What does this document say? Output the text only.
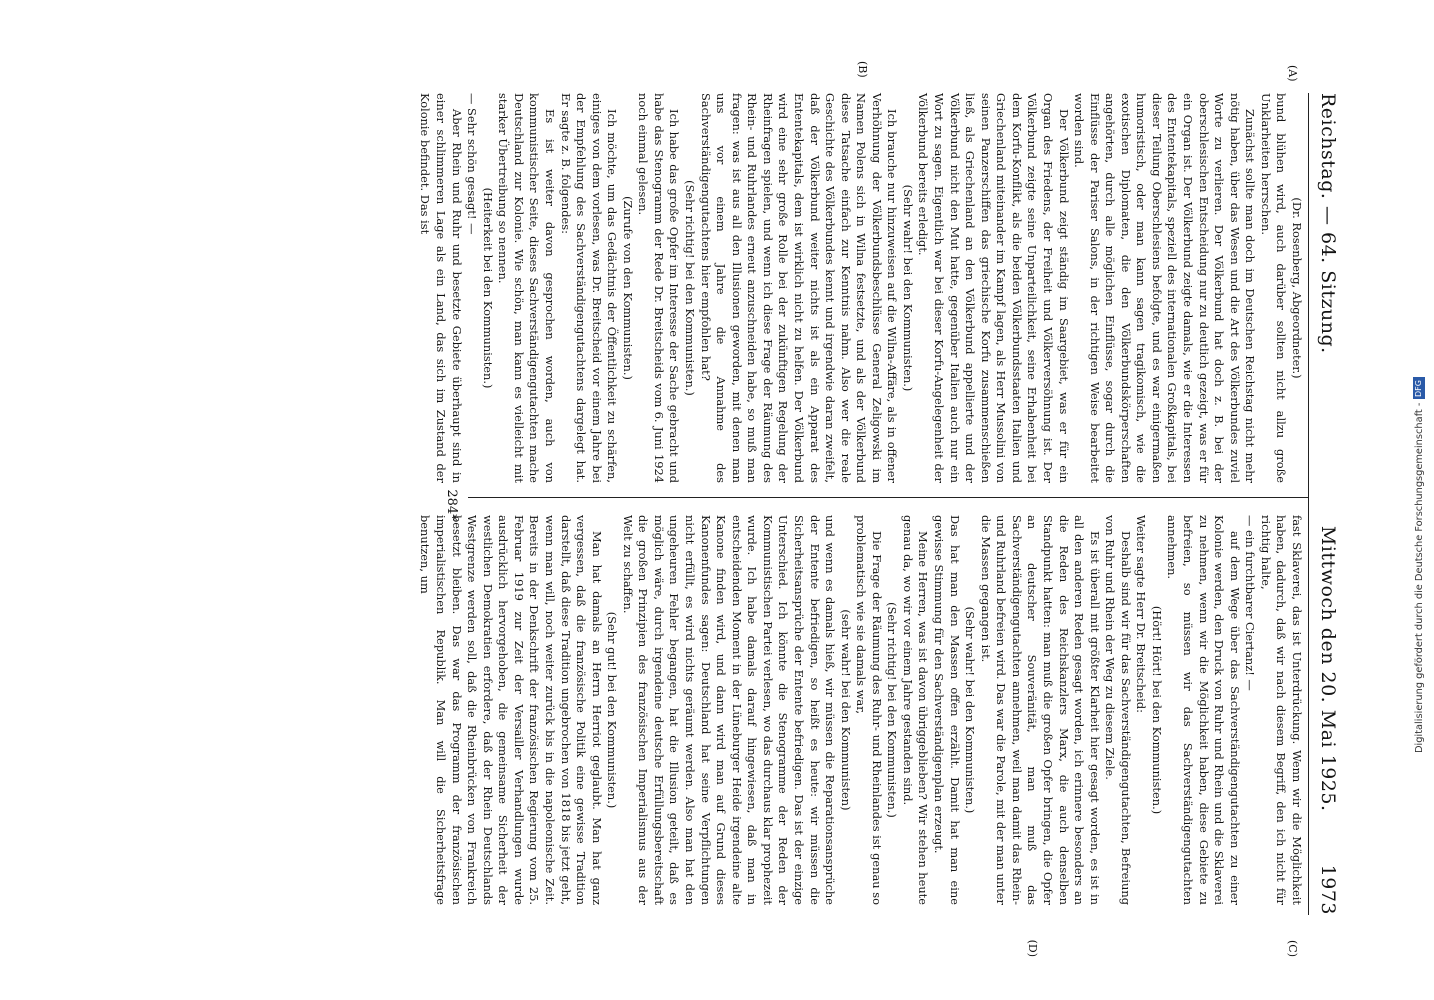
Reichstag. — 64. Sitzung.
Mittwoch den 20. Mai 1925.  1973
(A)
(B)
(C)
(D)

(Dr. Rosenberg, Abgeordneter.)

bund blühen wird, auch darüber sollten nicht allzu große Unklarheiten herrschen.

Zunächst sollte man doch im Deutschen Reichstag nicht mehr nötig haben, über das Wesen und die Art des Völkerbundes zuviel Worte zu verlieren. Der Völkerbund hat doch z. B. bei der oberschlesischen Entscheidung nur zu deutlich gezeigt, was er für ein Organ ist. Der Völkerbund zeigte damals, wie er die Interessen des Ententekapitals, speziell des internationalen Großkapitals, bei dieser Teilung Oberschlesiens befolgte, und es war einigermaßen humoristisch, oder man kann sagen tragikomisch, wie die exotischen Diplomaten, die den Völkerbundskörperschaften angehörten, durch alle möglichen Einflüsse, sogar durch die Einflüsse der Pariser Salons, in der richtigen Weise bearbeitet worden sind.

Der Völkerbund zeigt ständig im Saargebiet, was er für ein Organ des Friedens, der Freiheit und Völkerversöhnung ist. Der Völkerbund zeigte seine Unparteilichkeit, seine Erhabenheit bei dem Korfu-Konflikt, als die beiden Völkerbundsstaaten Italien und Griechenland miteinander im Kampf lagen, als Herr Mussolini von seinen Panzerschiffen das griechische Korfu zusammenschießen ließ, als Griechenland an den Völkerbund appellierte und der Völkerbund nicht den Mut hatte, gegenüber Italien auch nur ein Wort zu sagen. Eigentlich war bei dieser Korfu-Angelegenheit der Völkerbund bereits erledigt.

(Sehr wahr! bei den Kommunisten.)

Ich brauche nur hinzuweisen auf die Wilna-Affäre, als in offener Verhöhnung der Völkerbundsbeschlüsse General Zeligowski im Namen Polens sich in Wilna festsetzte, und als der Völkerbund diese Tatsache einfach zur Kenntnis nahm. Also wer die reale Geschichte des Völkerbundes kennt und irgendwie daran zweifelt, daß der Völkerbund weiter nichts ist als ein Apparat des Ententekapitals, dem ist wirklich nicht zu helfen. Der Völkerbund wird eine sehr große Rolle bei der zukünftigen Regelung der Rheinfragen spielen, und wenn ich diese Frage der Räumung des Rhein- und Ruhrlandes erneut anzuschneiden habe, so muß man fragen: was ist aus all den Illusionen geworden, mit denen man uns vor einem Jahre die Annahme des Sachverständigengutachtens hier empfohlen hat?

(Sehr richtig! bei den Kommunisten.)

Ich habe das große Opfer im Interesse der Sache gebracht und habe das Stenogramm der Rede Dr. Breitscheids vom 6. Juni 1924 noch einmal gelesen.

(Zurufe von den Kommunisten.)

Ich möchte, um das Gedächtnis der Öffentlichkeit zu schärfen, einiges von dem vorlesen, was Dr. Breitscheid vor einem Jahre bei der Empfehlung des Sachverständigengutachtens dargelegt hat. Er sagte z. B. folgendes:

Es ist weiter davon gesprochen worden, auch von kommunistischer Seite, dieses Sachverständigengutachten mache Deutschland zur Kolonie. Wie schön, man kann es vielleicht mit starker Übertreibung so nennen.

(Heiterkeit bei den Kommunisten.)

— Sehr schön gesagt! —

Aber Rhein und Ruhr und besetzte Gebiete überhaupt sind in einer schlimmeren Lage als ein Land, das sich im Zustand der Kolonie befindet. Das ist

fast Sklaverei, das ist Unterdrückung. Wenn wir die Möglichkeit haben, dadurch, daß wir nach diesem Begriff, den ich nicht für richtig halte,

— ein furchtbarer Ciertanz! —

auf dem Wege über das Sachverständigengutachten zu einer Kolonie werden, den Druck von Ruhr und Rhein und die Sklaverei zu nehmen, wenn wir die Möglichkeit haben, diese Gebiete zu befreien, so müssen wir das Sachverständigengutachten annehmen.

(Hört! Hört! bei den Kommunisten.)

Weiter sagte Herr Dr. Breitscheid:

Deshalb sind wir für das Sachverständigengutachten, Befreiung von Ruhr und Rhein der Weg zu diesem Ziele.

Es ist überall mit größter Klarheit hier gesagt worden, es ist in all den anderen Reden gesagt worden, ich erinnere besonders an die Reden des Reichskanzlers Marx, die auch denselben Standpunkt hatten: man muß die großen Opfer bringen, die Opfer an deutscher Souveränität, man muß das Sachverständigengutachten annehmen, weil man damit das Rhein- und Ruhrland befreien wird. Das war die Parole, mit der man unter die Massen gegangen ist.

(Sehr wahr! bei den Kommunisten.)

Das hat man den Massen offen erzählt. Damit hat man eine gewisse Stimmung für den Sachverständigenplan erzeugt.

Meine Herren, was ist davon übriggeblieben? Wir stehen heute genau da, wo wir vor einem Jahre gestanden sind.

(Sehr richtig! bei den Kommunisten.)

Die Frage der Räumung des Ruhr- und Rheinlandes ist genau so problematisch wie sie damals war,

(sehr wahr! bei den Kommunisten)

und wenn es damals hieß, wir müssen die Reparationsansprüche der Entente befriedigen, so heißt es heute: wir müssen die Sicherheitsansprüche der Entente befriedigen. Das ist der einzige Unterschied. Ich könnte die Stenogramme der Reden der Kommunistischen Partei verlesen, wo das durchaus klar prophezeit wurde. Ich habe damals darauf hingewiesen, daß man in entscheidenden Moment in der Lüneburger Heide irgendeine alte Kanone finden wird, und dann wird man auf Grund dieses Kanonenfundes sagen: Deutschland hat seine Verpflichtungen nicht erfüllt, es wird nichts geräumt werden. Also man hat den ungeheuren Fehler begangen, hat die Illusion geteilt, daß es möglich wäre, durch irgendeine deutsche Erfüllungsbereitschaft die großen Prinzipien des französischen Imperialismus aus der Welt zu schaffen.

(Sehr gut! bei den Kommunisten.)

Man hat damals an Herrn Herriot geglaubt. Man hat ganz vergessen, daß die französische Politik eine gewisse Tradition darstellt, daß diese Tradition ungebrochen von 1818 bis jetzt geht, wenn man will, noch weiter zurück bis in die napoleonische Zeit. Bereits in der Denkschrift der französischen Regierung vom 25. Februar 1919 zur Zeit der Versailler Verhandlungen wurde ausdrücklich hervorgehoben, die gemeinsame Sicherheit der westlichen Demokratien erfordere, daß der Rhein Deutschlands Westgrenze werden soll, daß die Rheinbrücken von Frankreich besetzt bleiben. Das war das Programm der französischen imperialistischen Republik. Man will die Sicherheitsfrage benutzen, um

284*	Digitalisierung gefördert durch die Deutsche Forschungsgemeinschaft - DFG
